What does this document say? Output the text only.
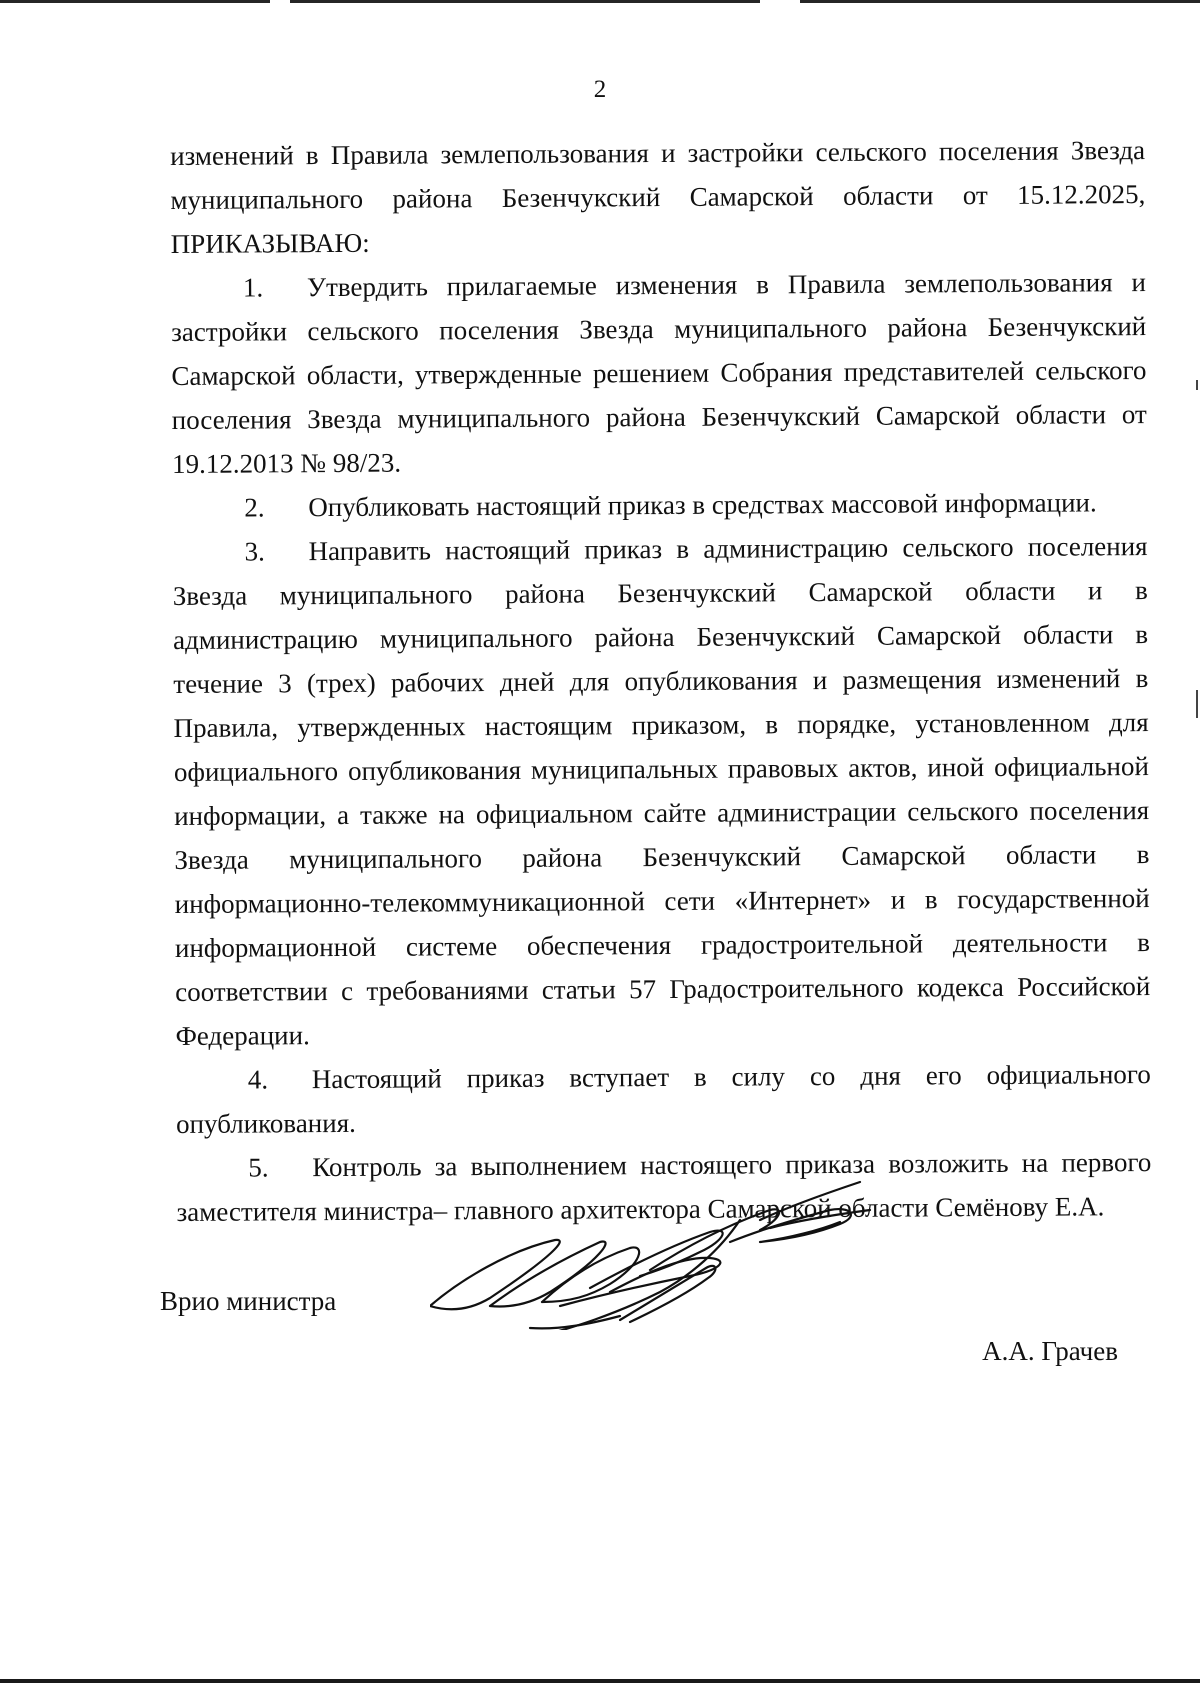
2

изменений в Правила землепользования и застройки сельского поселения Звезда муниципального района Безенчукский Самарской области от 15.12.2025, ПРИКАЗЫВАЮ:

1. Утвердить прилагаемые изменения в Правила землепользования и застройки сельского поселения Звезда муниципального района Безенчукский Самарской области, утвержденные решением Собрания представителей сельского поселения Звезда муниципального района Безенчукский Самарской области от 19.12.2013 № 98/23.

2. Опубликовать настоящий приказ в средствах массовой информации.

3. Направить настоящий приказ в администрацию сельского поселения Звезда муниципального района Безенчукский Самарской области и в администрацию муниципального района Безенчукский Самарской области в течение 3 (трех) рабочих дней для опубликования и размещения изменений в Правила, утвержденных настоящим приказом, в порядке, установленном для официального опубликования муниципальных правовых актов, иной официальной информации, а также на официальном сайте администрации сельского поселения Звезда муниципального района Безенчукский Самарской области в информационно-телекоммуникационной сети «Интернет» и в государственной информационной системе обеспечения градостроительной деятельности в соответствии с требованиями статьи 57 Градостроительного кодекса Российской Федерации.

4. Настоящий приказ вступает в силу со дня его официального опубликования.

5. Контроль за выполнением настоящего приказа возложить на первого заместителя министра– главного архитектора Самарской области Семёнову Е.А.

Врио министра
А.А. Грачев
